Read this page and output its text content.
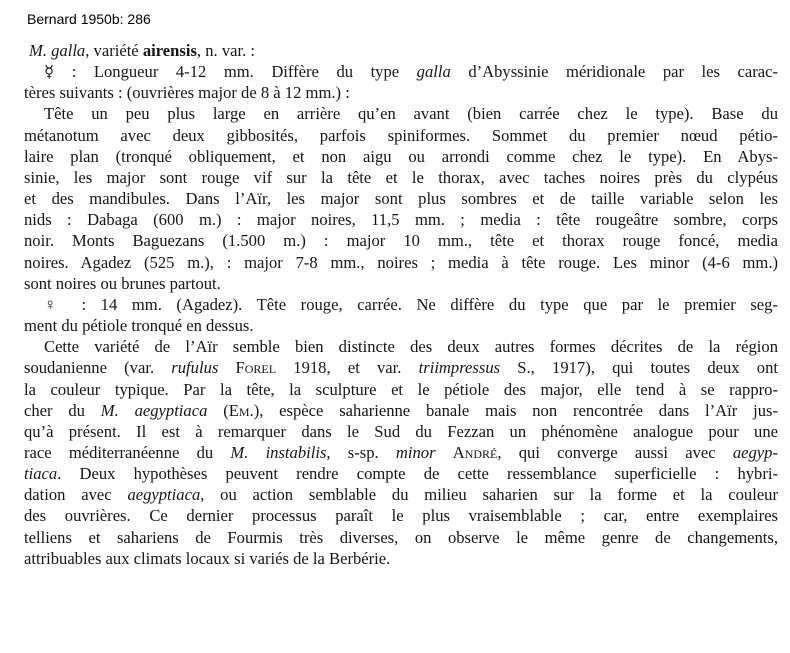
Bernard 1950b: 286

M. galla, variété airensis, n. var. :

☿ : Longueur 4-12 mm. Diffère du type galla d’Abyssinie méridionale par les carac-
tères suivants : (ouvrières major de 8 à 12 mm.) :

Tête un peu plus large en arrière qu’en avant (bien carrée chez le type). Base du
métanotum avec deux gibbosités, parfois spiniformes. Sommet du premier nœud pétio-
laire plan (tronqué obliquement, et non aigu ou arrondi comme chez le type). En Abys-
sinie, les major sont rouge vif sur la tête et le thorax, avec taches noires près du clypéus
et des mandibules. Dans l’Aïr, les major sont plus sombres et de taille variable selon les
nids : Dabaga (600 m.) : major noires, 11,5 mm. ; media : tête rougeâtre sombre, corps
noir. Monts Baguezans (1.500 m.) : major 10 mm., tête et thorax rouge foncé, media
noires. Agadez (525 m.), : major 7-8 mm., noires ; media à tête rouge. Les minor (4-6 mm.)
sont noires ou brunes partout.

♀ : 14 mm. (Agadez). Tête rouge, carrée. Ne diffère du type que par le premier seg-
ment du pétiole tronqué en dessus.

Cette variété de l’Aïr semble bien distincte des deux autres formes décrites de la région
soudanienne (var. rufulus Forel 1918, et var. triimpressus S., 1917), qui toutes deux ont
la couleur typique. Par la tête, la sculpture et le pétiole des major, elle tend à se rappro-
cher du M. aegyptiaca (Em.), espèce saharienne banale mais non rencontrée dans l’Aïr jus-
qu’à présent. Il est à remarquer dans le Sud du Fezzan un phénomène analogue pour une
race méditerranéenne du M. instabilis, s-sp. minor André, qui converge aussi avec aegyp-
tiaca. Deux hypothèses peuvent rendre compte de cette ressemblance superficielle : hybri-
dation avec aegyptiaca, ou action semblable du milieu saharien sur la forme et la couleur
des ouvrières. Ce dernier processus paraît le plus vraisemblable ; car, entre exemplaires
telliens et sahariens de Fourmis très diverses, on observe le même genre de changements,
attribuables aux climats locaux si variés de la Berbérie.
